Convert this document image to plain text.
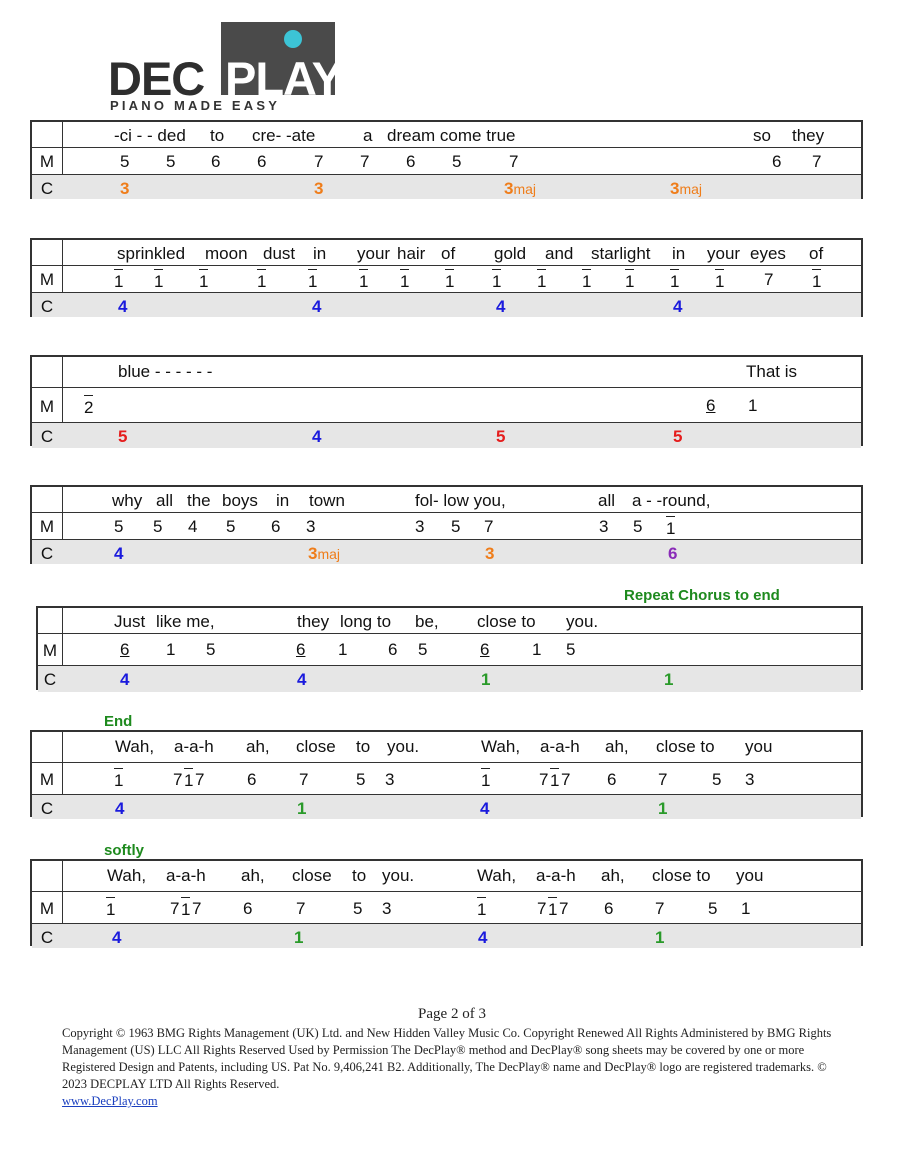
DEC PLAY
PIANO MADE EASY
-ci - - ded to cre- -ate	a dream come true	so they
M	5 5 6 6	7 7 6 5	7	6 7
C	3	3	3maj	3maj
sprinkled moon dust in your hair of gold and starlight in your eyes of
M	1 1 1	1 1 1 1 1 1 1 1 1 1 1 7 1
C	4	4	4	4
blue - - - - - -	That is
M	2	6 1
C	5	4	5	5
why all the boys in town	fol- low you,	all a - -round,
M	5 5 4 5 6 3	3 5 7	3 5 1
C	4	3maj	3	6
Repeat Chorus to end
Just like me,	they long to be, close to you.
M	6 1 5	6 1 6 5	6	1 5
C	4	4	1	1
End
Wah, a-a-h ah, close to you.	Wah, a-a-h ah, close to you
M	1	7 1 7	6	7	5 3	1	7 1 7 6 7	5 3
C	4	1	4	1
softly
Wah, a-a-h ah, close to you.	Wah, a-a-h ah, close to you
M	1	7 1 7 6	7	5 3	1	7 1 7 6 7	5 1
C	4	1	4	1
Page 2 of 3

Copyright © 1963 BMG Rights Management (UK) Ltd. and New Hidden Valley Music Co. Copyright Renewed All Rights Administered by BMG Rights Management (US) LLC All Rights Reserved Used by Permission The DecPlay® method and DecPlay® song sheets may be covered by one or more Registered Design and Patents, including US. Pat No. 9,406,241 B2. Additionally, The DecPlay® name and DecPlay® logo are registered trademarks. © 2023 DECPLAY LTD All Rights Reserved.

www.DecPlay.com
